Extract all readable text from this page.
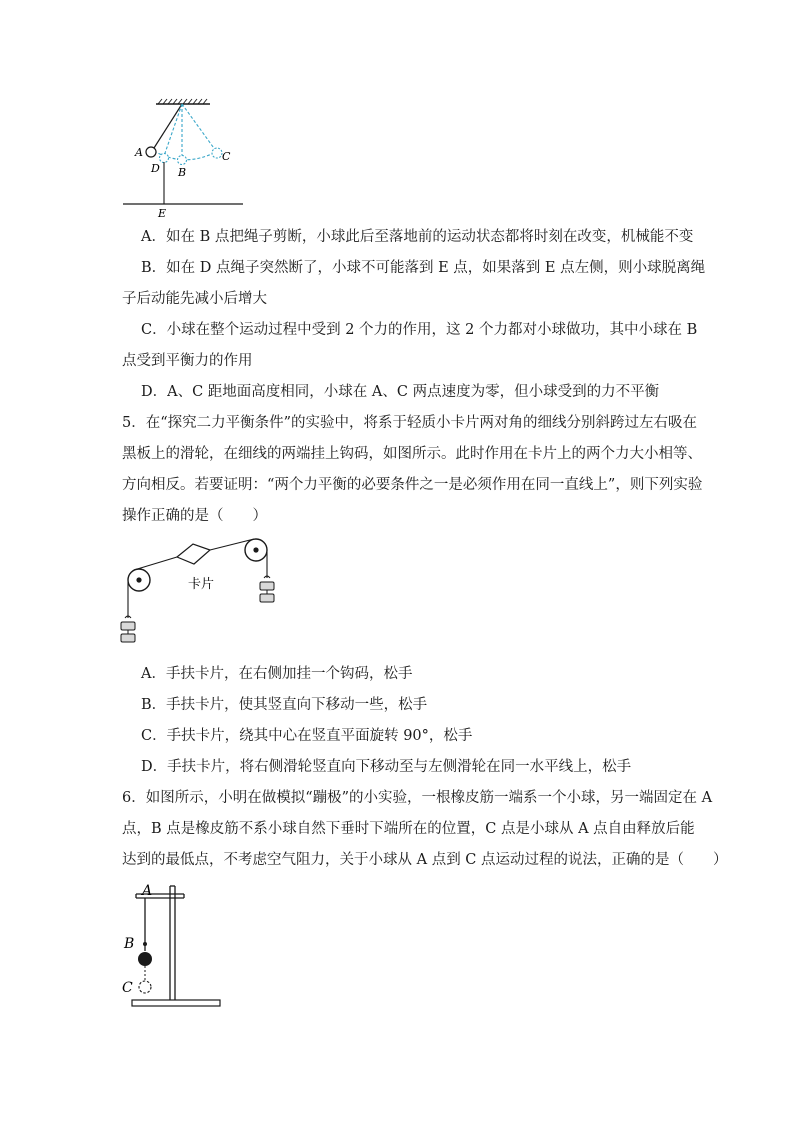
A
D B
C
E
A．如在 B 点把绳子剪断，小球此后至落地前的运动状态都将时刻在改变，机械能不变
B．如在 D 点绳子突然断了，小球不可能落到 E 点，如果落到 E 点左侧，则小球脱离绳
子后动能先减小后增大
C．小球在整个运动过程中受到 2 个力的作用，这 2 个力都对小球做功，其中小球在 B
点受到平衡力的作用
D．A、C 距地面高度相同，小球在 A、C 两点速度为零，但小球受到的力不平衡
5．在“探究二力平衡条件”的实验中，将系于轻质小卡片两对角的细线分别斜跨过左右吸在
黑板上的滑轮，在细线的两端挂上钩码，如图所示。此时作用在卡片上的两个力大小相等、
方向相反。若要证明：“两个力平衡的必要条件之一是必须作用在同一直线上”，则下列实验
操作正确的是（　　）
卡片
A．手扶卡片，在右侧加挂一个钩码，松手
B．手扶卡片，使其竖直向下移动一些，松手
C．手扶卡片，绕其中心在竖直平面旋转 90°，松手
D．手扶卡片，将右侧滑轮竖直向下移动至与左侧滑轮在同一水平线上，松手
6．如图所示，小明在做模拟“蹦极”的小实验，一根橡皮筋一端系一个小球，另一端固定在 A
点，B 点是橡皮筋不系小球自然下垂时下端所在的位置，C 点是小球从 A 点自由释放后能
达到的最低点，不考虑空气阻力，关于小球从 A 点到 C 点运动过程的说法，正确的是（　　）
A
B
C
